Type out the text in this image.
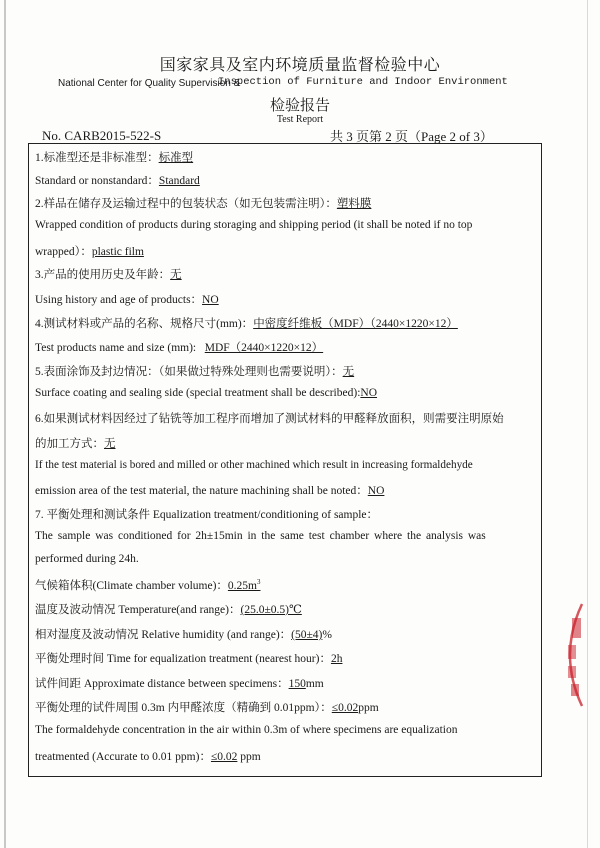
国家家具及室内环境质量监督检验中心
National Center for Quality Supervision &
Inspection of Furniture and Indoor Environment
检验报告
Test Report
No. CARB2015-522-S	共 3 页第 2 页（Page 2 of 3）
1.标准型还是非标准型：标准型
Standard or nonstandard：Standard
2.样品在储存及运输过程中的包装状态（如无包装需注明）：塑料膜
Wrapped condition of products during storaging and shipping period (it shall be noted if no top
wrapped）：plastic film
3.产品的使用历史及年龄：无
Using history and age of products：NO
4.测试材料或产品的名称、规格尺寸(mm)：中密度纤维板（MDF）（2440×1220×12）
Test products name and size (mm): MDF（2440×1220×12）
5.表面涂饰及封边情况：（如果做过特殊处理则也需要说明）：无
Surface coating and sealing side (special treatment shall be described):NO
6.如果测试材料因经过了钻铣等加工程序而增加了测试材料的甲醛释放面积，则需要注明原始
的加工方式：无
If the test material is bored and milled or other machined which result in increasing formaldehyde
emission area of the test material, the nature machining shall be noted：NO
7. 平衡处理和测试条件 Equalization treatment/conditioning of sample：
The sample was conditioned for 2h±15min in the same test chamber where the analysis was
performed during 24h.
气候箱体积(Climate chamber volume)：$0.25m^3$
温度及波动情况 Temperature(and range)：(25.0±0.5)℃
相对湿度及波动情况 Relative humidity (and range)：(50±4)%
平衡处理时间 Time for equalization treatment (nearest hour)：2h
试件间距 Approximate distance between specimens：150mm
平衡处理的试件周围 0.3m 内甲醛浓度（精确到 0.01ppm）：≤0.02ppm
The formaldehyde concentration in the air within 0.3m of where specimens are equalization
treatmented (Accurate to 0.01 ppm)：≤0.02 ppm
